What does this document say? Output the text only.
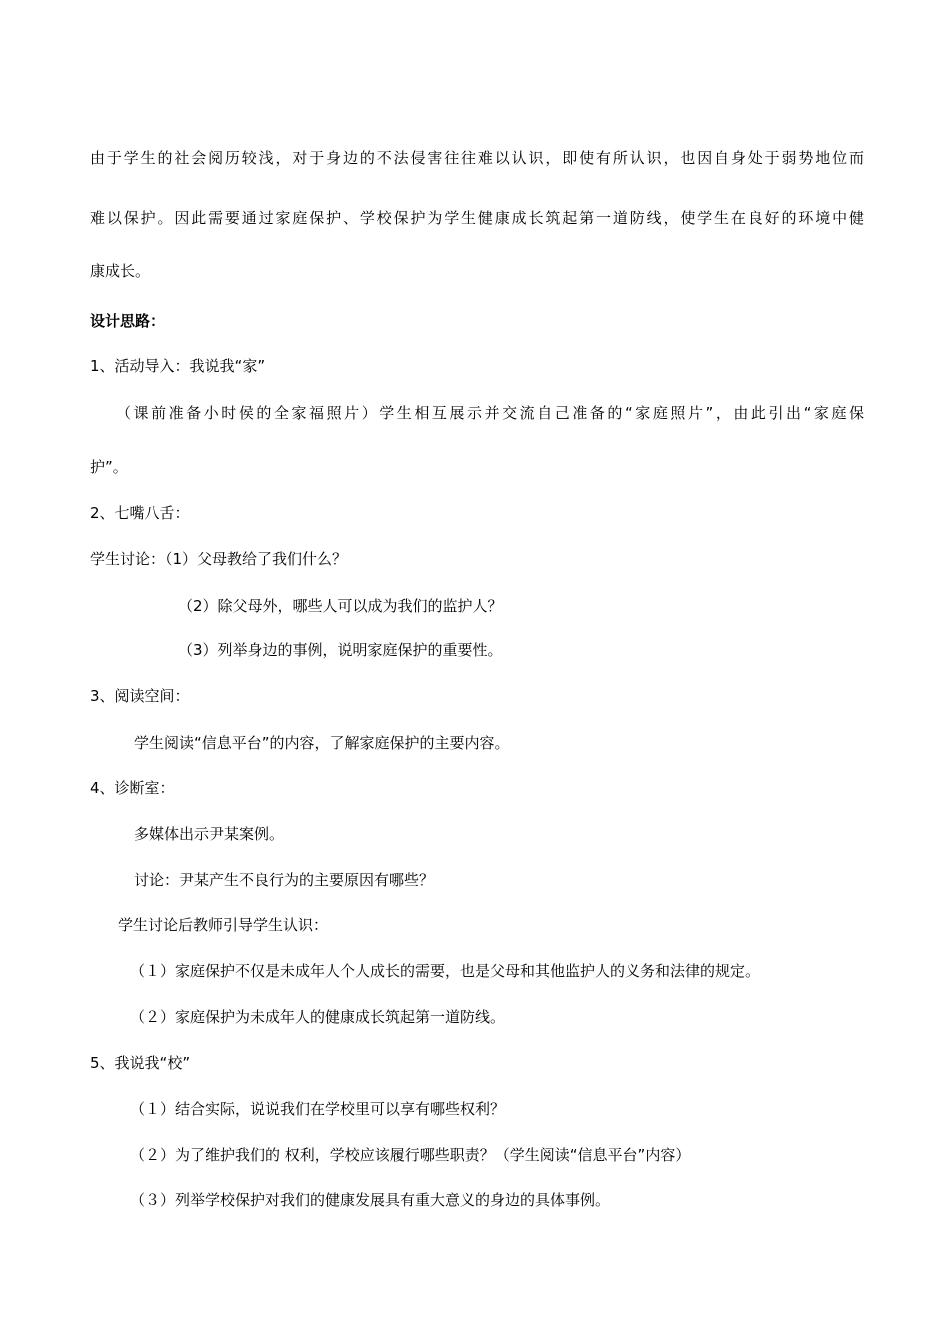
由于学生的社会阅历较浅，对于身边的不法侵害往往难以认识，即使有所认识，也因自身处于弱势地位而
难以保护。因此需要通过家庭保护、学校保护为学生健康成长筑起第一道防线，使学生在良好的环境中健
康成长。
设计思路：
1、活动导入：我说我“家”
（课前准备小时侯的全家福照片）学生相互展示并交流自己准备的“家庭照片”，由此引出“家庭保
护”。
2、七嘴八舌：
学生讨论：（1）父母教给了我们什么？
（2）除父母外，哪些人可以成为我们的监护人？
（3）列举身边的事例，说明家庭保护的重要性。
3、阅读空间：
学生阅读“信息平台”的内容，了解家庭保护的主要内容。
4、诊断室：
多媒体出示尹某案例。
讨论：尹某产生不良行为的主要原因有哪些？
学生讨论后教师引导学生认识：
（１）家庭保护不仅是未成年人个人成长的需要，也是父母和其他监护人的义务和法律的规定。
（２）家庭保护为未成年人的健康成长筑起第一道防线。
5、我说我“校”
（１）结合实际，说说我们在学校里可以享有哪些权利？
（２）为了维护我们的 权利，学校应该履行哪些职责？（学生阅读“信息平台”内容）
（３）列举学校保护对我们的健康发展具有重大意义的身边的具体事例。
